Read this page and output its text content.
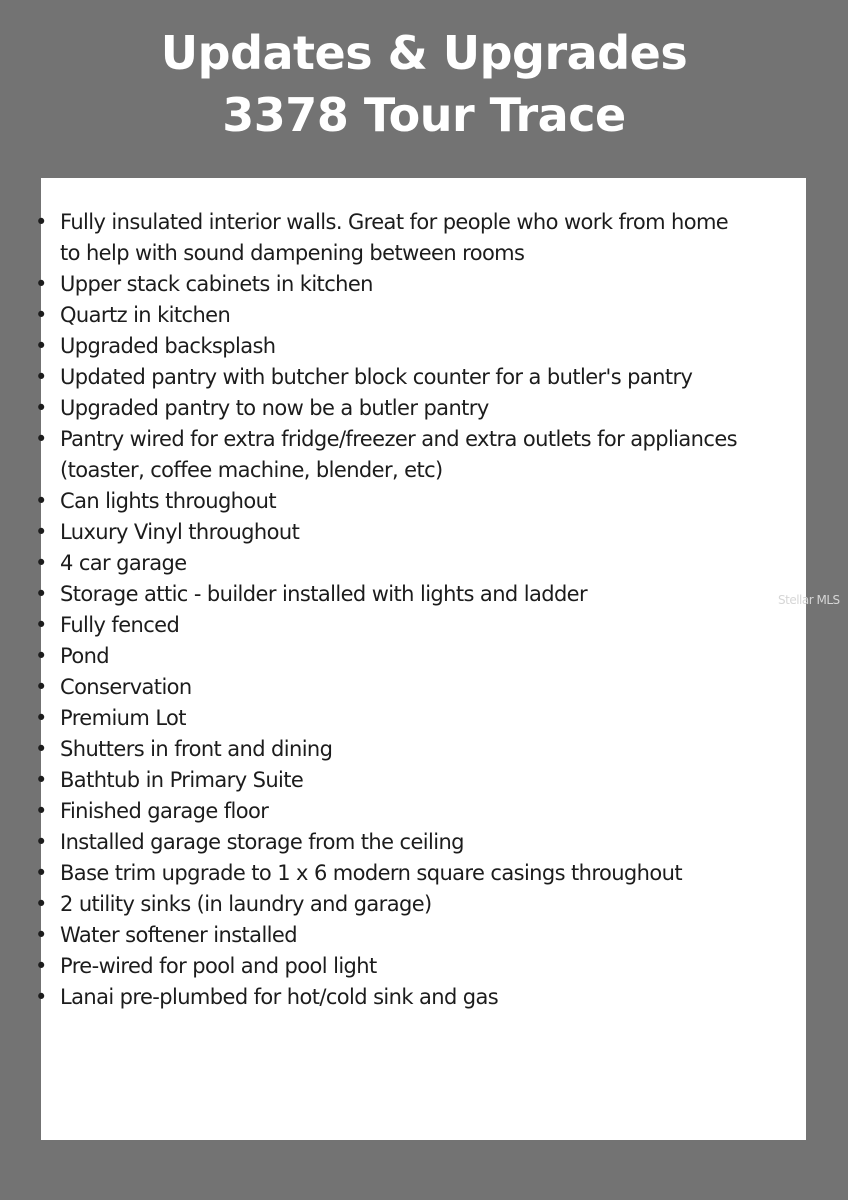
Updates & Upgrades
3378 Tour Trace
• Fully insulated interior walls. Great for people who work from home to help with sound dampening between rooms
• Upper stack cabinets in kitchen
• Quartz in kitchen
• Upgraded backsplash
• Updated pantry with butcher block counter for a butler's pantry
• Upgraded pantry to now be a butler pantry
• Pantry wired for extra fridge/freezer and extra outlets for appliances (toaster, coffee machine, blender, etc)
• Can lights throughout
• Luxury Vinyl throughout
• 4 car garage
• Storage attic - builder installed with lights and ladder
• Fully fenced
• Pond
• Conservation
• Premium Lot
• Shutters in front and dining
• Bathtub in Primary Suite
• Finished garage floor
• Installed garage storage from the ceiling
• Base trim upgrade to 1 x 6 modern square casings throughout
• 2 utility sinks (in laundry and garage)
• Water softener installed
• Pre-wired for pool and pool light
• Lanai pre-plumbed for hot/cold sink and gas
Stellar MLS
